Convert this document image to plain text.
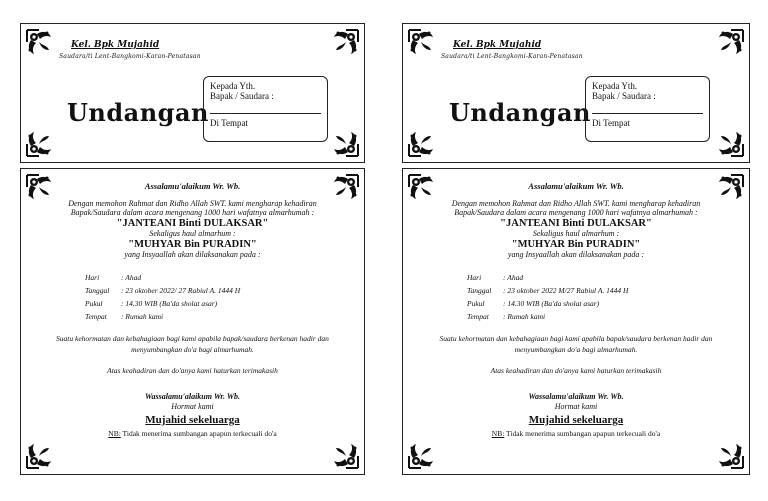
Kel. Bpk Mujahid
Saudara/ti Lent-Bangkomi-Karan-Penatasan
Undangan
Kepada Yth.
Bapak / Saudara :
Di Tempat
Kel. Bpk Mujahid
Saudara/ti Lent-Bangkomi-Karan-Penatasan
Undangan
Kepada Yth.
Bapak / Saudara :
Di Tempat
Assalamu'alaikum Wr. Wb.
Dengan memohon Rahmat dan Ridho Allah SWT. kami mengharap kehadiran
Bapak/Saudara dalam acara mengenang 1000 hari wafatnya almarhumah :
"JANTEANI Binti DULAKSAR"
Sekaligus haul almarhum :
"MUHYAR Bin PURADIN"
yang Insyaallah akan dilaksanakan pada :
Hari	: Ahad
Tanggal : 23 oktober 2022/ 27 Rabiul A. 1444 H
Pukul : 14.30 WIB (Ba'da sholat asar)
Tempat : Rumah kami
Suatu kehormatan dan kebahagiaan bagi kami apabila bapak/saudara berkenan hadir dan menyumbangkan do'a bagi almarhumah.
Atas keahadiran dan do'anya kami haturkan terimakasih
Wassalamu'alaikum Wr. Wb.
Hormat kami
Mujahid sekeluarga
NB: Tidak menerima sumbangan apapun terkecuali do'a
Assalamu'alaikum Wr. Wb.
Dengan memohon Rahmat dan Ridho Allah SWT. kami mengharap kehadiran
Bapak/Saudara dalam acara mengenang 1000 hari wafatnya almarhumah :
"JANTEANI Binti DULAKSAR"
Sekaligus haul almarhum :
"MUHYAR Bin PURADIN"
yang Insyaallah akan dilaksanakan pada :
Hari	: Ahad
Tanggal : 23 oktober 2022 M/27 Rabiul A. 1444 H
Pukul : 14.30 WIB (Ba'da sholat asar)
Tempat : Rumah kami
Suatu kehormatan dan kebahagiaan bagi kami apabila bapak/saudara berkenan hadir dan menyumbangkan do'a bagi almarhumah.
Atas keahadiran dan do'anya kami haturkan terimakasih
Wassalamu'alaikum Wr. Wb.
Hormat kami
Mujahid sekeluarga
NB: Tidak menerima sumbangan apapun terkecuali do'a
